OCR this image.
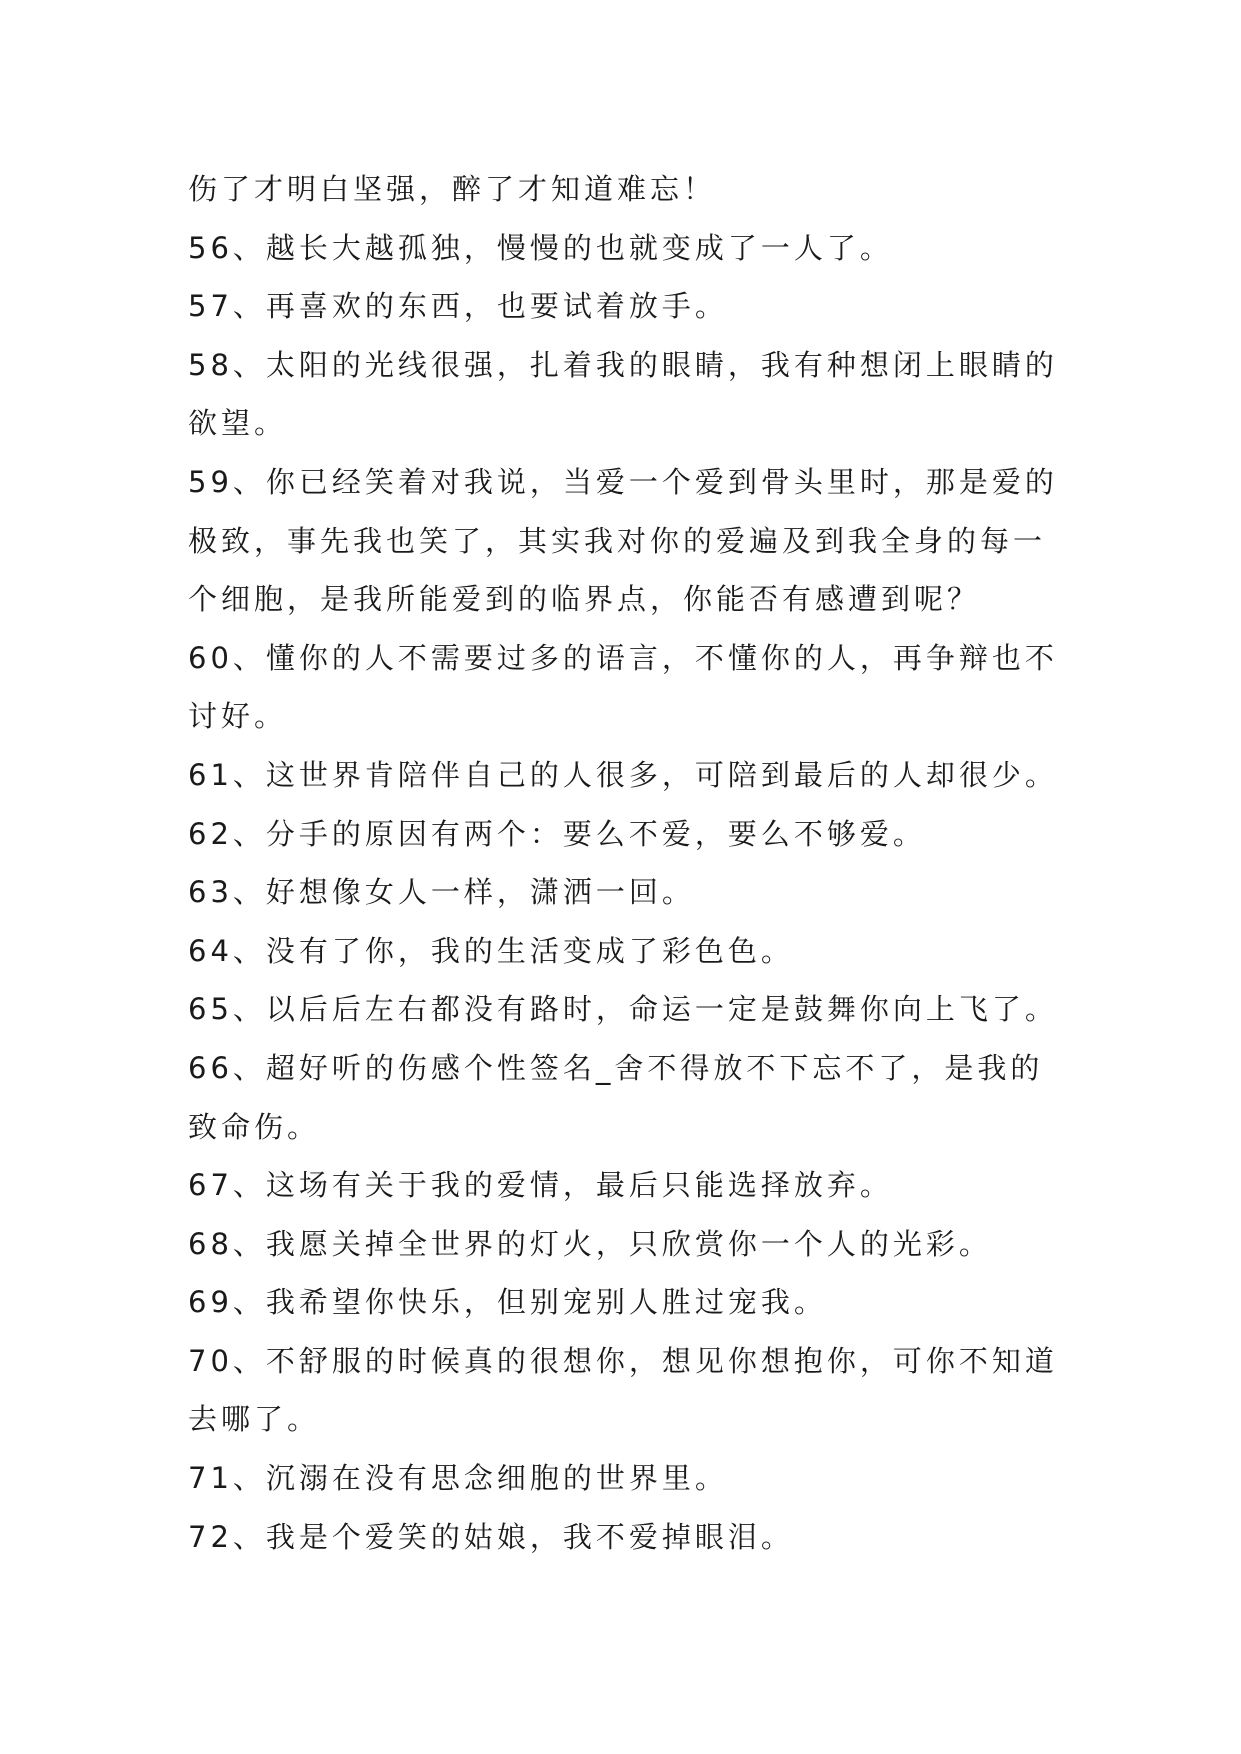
伤了才明白坚强，醉了才知道难忘！
56、越长大越孤独，慢慢的也就变成了一人了。
57、再喜欢的东西，也要试着放手。
58、太阳的光线很强，扎着我的眼睛，我有种想闭上眼睛的
欲望。
59、你已经笑着对我说，当爱一个爱到骨头里时，那是爱的
极致，事先我也笑了，其实我对你的爱遍及到我全身的每一
个细胞，是我所能爱到的临界点，你能否有感遭到呢？
60、懂你的人不需要过多的语言，不懂你的人，再争辩也不
讨好。
61、这世界肯陪伴自己的人很多，可陪到最后的人却很少。
62、分手的原因有两个：要么不爱，要么不够爱。
63、好想像女人一样，潇洒一回。
64、没有了你，我的生活变成了彩色色。
65、以后后左右都没有路时，命运一定是鼓舞你向上飞了。
66、超好听的伤感个性签名_舍不得放不下忘不了，是我的
致命伤。
67、这场有关于我的爱情，最后只能选择放弃。
68、我愿关掉全世界的灯火，只欣赏你一个人的光彩。
69、我希望你快乐，但别宠别人胜过宠我。
70、不舒服的时候真的很想你，想见你想抱你，可你不知道
去哪了。
71、沉溺在没有思念细胞的世界里。
72、我是个爱笑的姑娘，我不爱掉眼泪。
